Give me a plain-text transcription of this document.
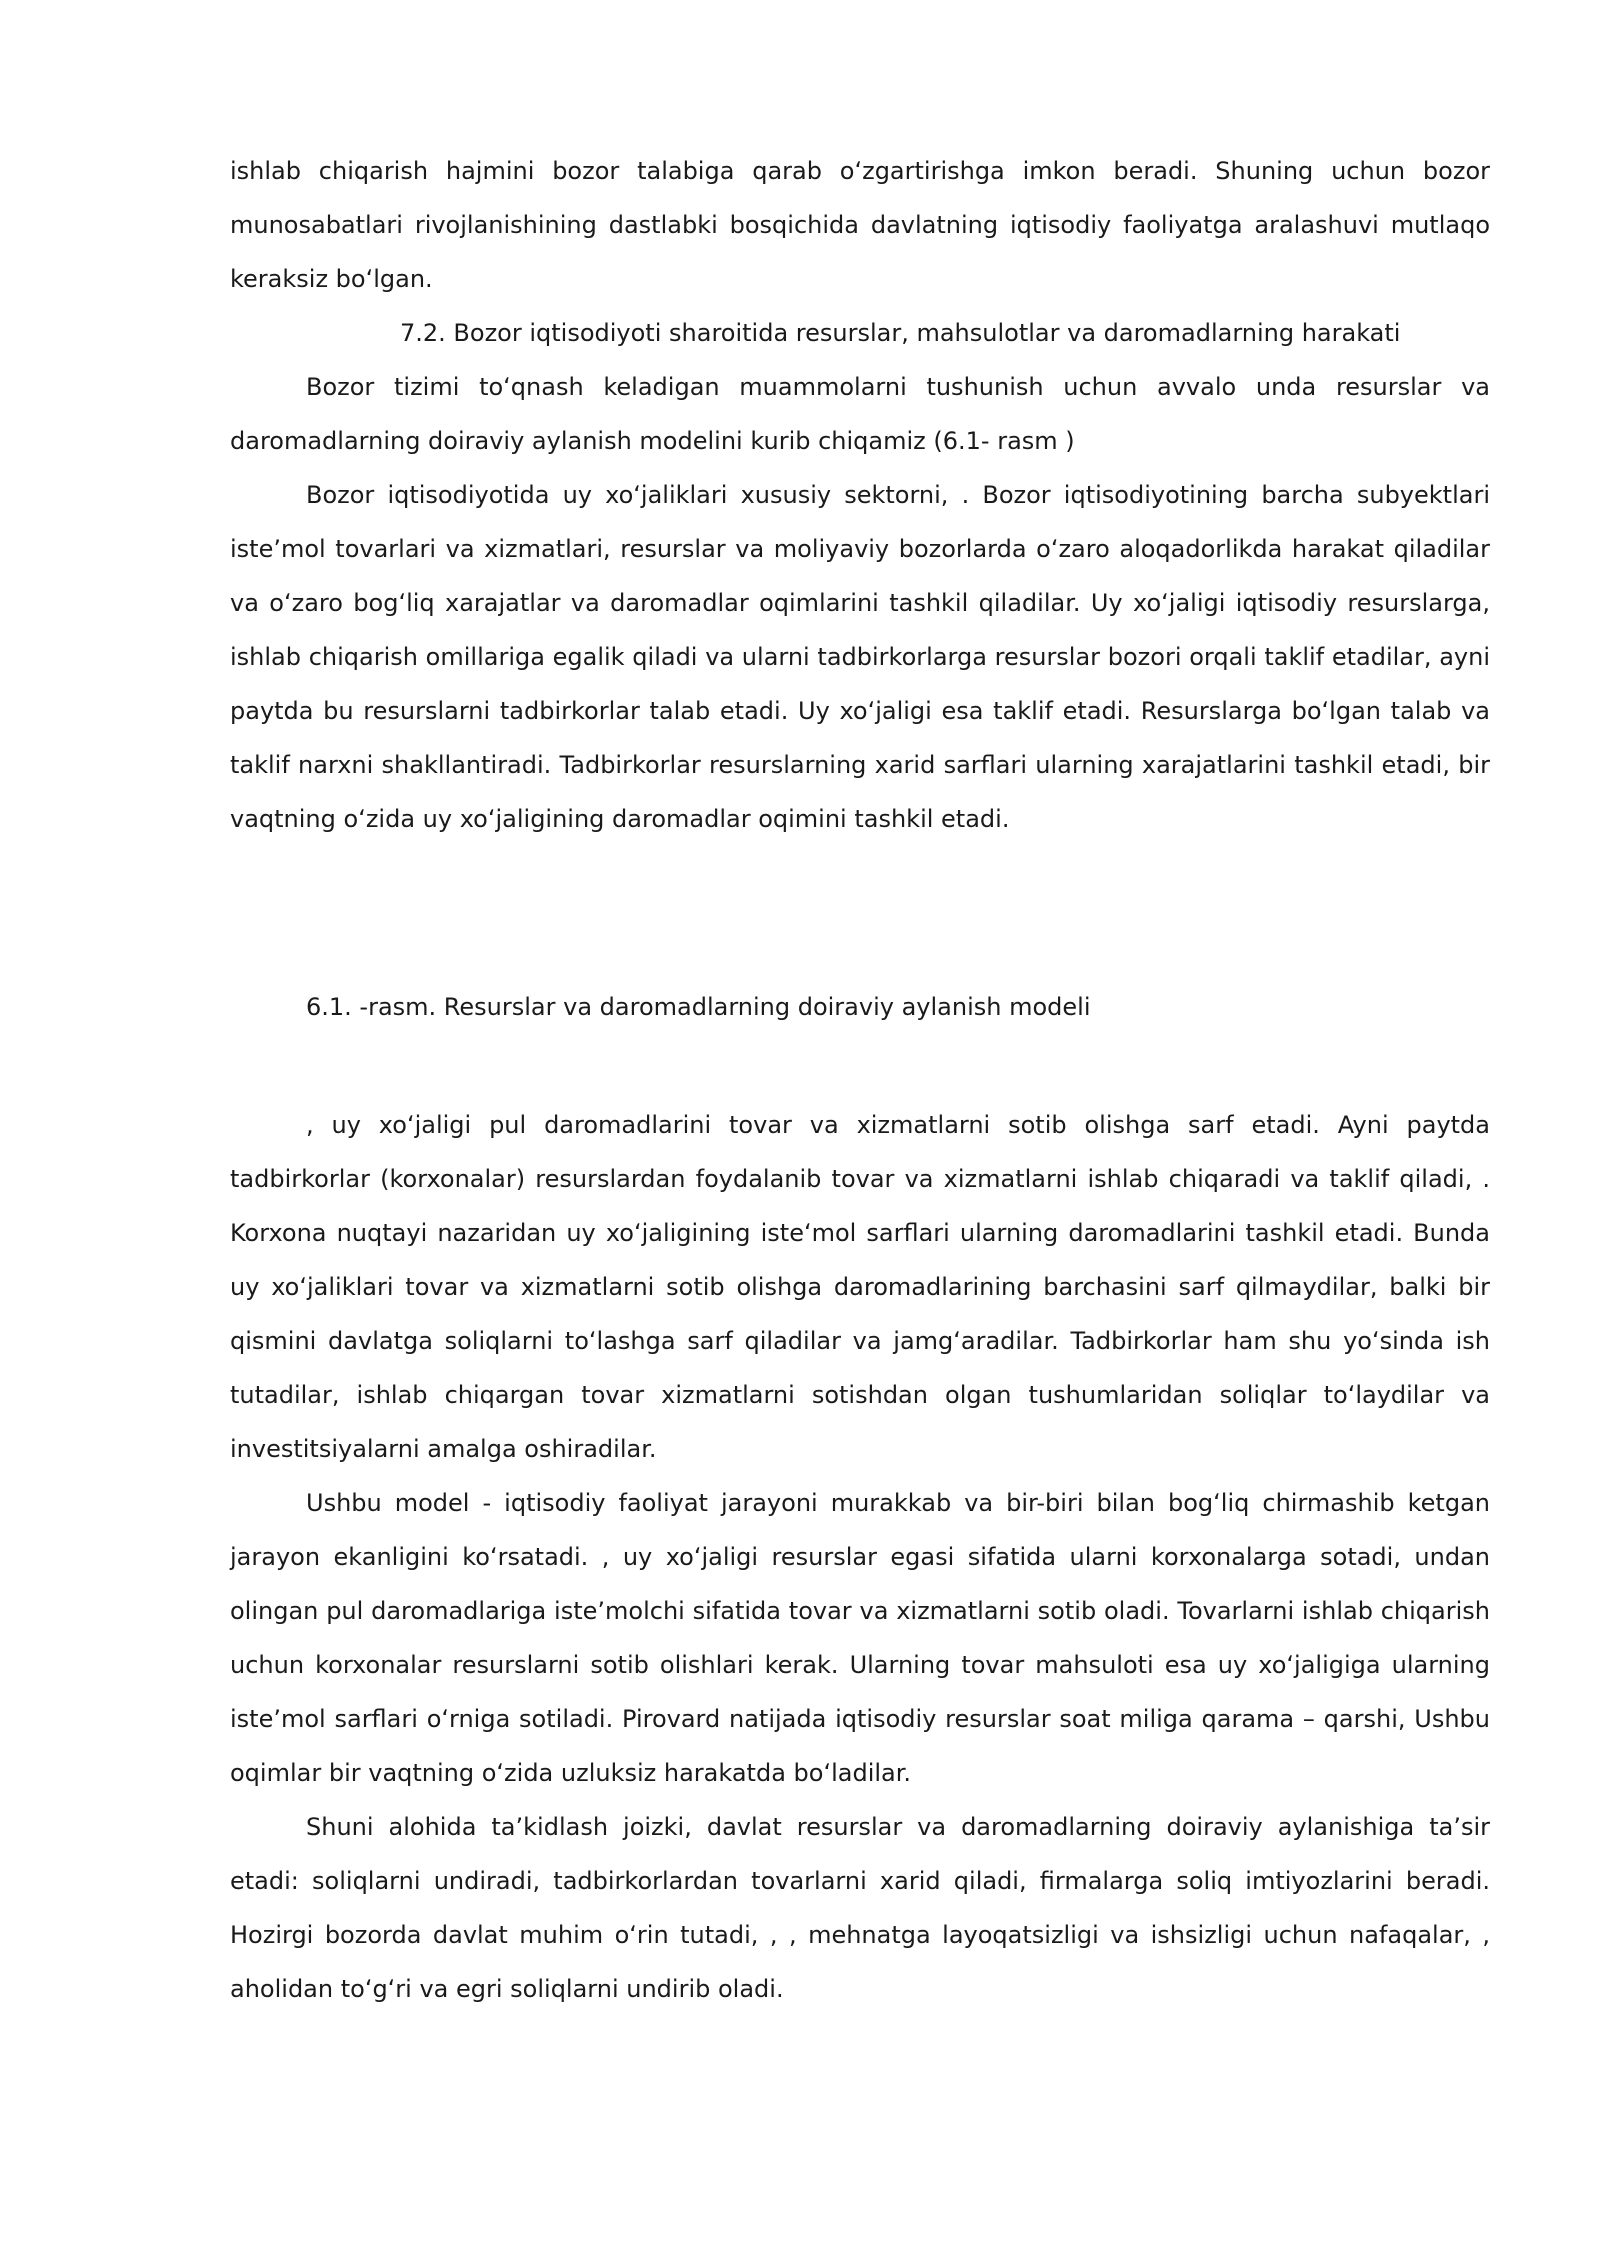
ishlab chiqarish hajmini bozor talabiga qarab oʻzgartirishga imkon beradi. Shuning uchun bozor munosabatlari rivojlanishining dastlabki bosqichida davlatning iqtisodiy faoliyatga aralashuvi mutlaqo keraksiz boʻlgan.

7.2. Bozor iqtisodiyoti sharoitida resurslar, mahsulotlar va daromadlarning harakati

Bozor tizimi toʻqnash keladigan muammolarni tushunish uchun avvalo unda resurslar va daromadlarning doiraviy aylanish modelini kurib chiqamiz (6.1- rasm )

Bozor iqtisodiyotida uy xoʻjaliklari xususiy sektorni, . Bozor iqtisodiyotining barcha subyektlari iste’mol tovarlari va xizmatlari, resurslar va moliyaviy bozorlarda oʻzaro aloqadorlikda harakat qiladilar va oʻzaro bogʻliq xarajatlar va daromadlar oqimlarini tashkil qiladilar. Uy xoʻjaligi iqtisodiy resurslarga, ishlab chiqarish omillariga egalik qiladi va ularni tadbirkorlarga resurslar bozori orqali taklif etadilar, ayni paytda bu resurslarni tadbirkorlar talab etadi. Uy xoʻjaligi esa taklif etadi. Resurslarga boʻlgan talab va taklif narxni shakllantiradi. Tadbirkorlar resurslarning xarid sarflari ularning xarajatlarini tashkil etadi, bir vaqtning oʻzida uy xoʻjaligining daromadlar oqimini tashkil etadi.

6.1. -rasm. Resurslar va daromadlarning doiraviy aylanish modeli

, uy xoʻjaligi pul daromadlarini tovar va xizmatlarni sotib olishga sarf etadi. Ayni paytda tadbirkorlar (korxonalar) resurslardan foydalanib tovar va xizmatlarni ishlab chiqaradi va taklif qiladi, . Korxona nuqtayi nazaridan uy xoʻjaligining isteʻmol sarflari ularning daromadlarini tashkil etadi. Bunda uy xoʻjaliklari tovar va xizmatlarni sotib olishga daromadlarining barchasini sarf qilmaydilar, balki bir qismini davlatga soliqlarni toʻlashga sarf qiladilar va jamgʻaradilar. Tadbirkorlar ham shu yoʻsinda ish tutadilar, ishlab chiqargan tovar xizmatlarni sotishdan olgan tushumlaridan soliqlar toʻlaydilar va investitsiyalarni amalga oshiradilar.

Ushbu model - iqtisodiy faoliyat jarayoni murakkab va bir-biri bilan bogʻliq chirmashib ketgan jarayon ekanligini koʻrsatadi. , uy xoʻjaligi resurslar egasi sifatida ularni korxonalarga sotadi, undan olingan pul daromadlariga iste’molchi sifatida tovar va xizmatlarni sotib oladi. Tovarlarni ishlab chiqarish uchun korxonalar resurslarni sotib olishlari kerak. Ularning tovar mahsuloti esa uy xoʻjaligiga ularning iste’mol sarflari oʻrniga sotiladi. Pirovard natijada iqtisodiy resurslar soat miliga qarama – qarshi, Ushbu oqimlar bir vaqtning oʻzida uzluksiz harakatda boʻladilar.

Shuni alohida ta’kidlash joizki, davlat resurslar va daromadlarning doiraviy aylanishiga ta’sir etadi: soliqlarni undiradi, tadbirkorlardan tovarlarni xarid qiladi, firmalarga soliq imtiyozlarini beradi. Hozirgi bozorda davlat muhim oʻrin tutadi, , , mehnatga layoqatsizligi va ishsizligi uchun nafaqalar, , aholidan toʻgʻri va egri soliqlarni undirib oladi.
